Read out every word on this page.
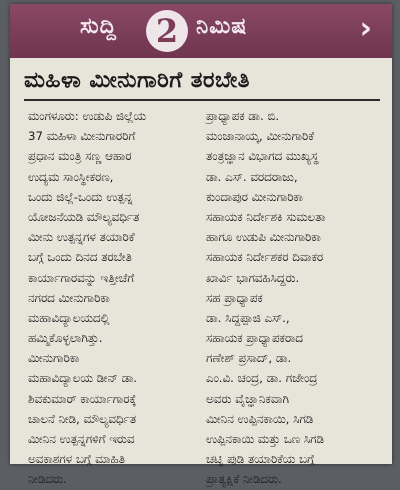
ಸುದ್ದಿ	2 ನಿಮಿಷ	›
ಮಹಿಳಾ ಮೀನುಗಾರಿಗೆ ತರಬೇತಿ
ಮಂಗಳೂರು: ಉಡುಪಿ ಜಿಲ್ಲೆಯ
37 ಮಹಿಳಾ ಮೀನುಗಾರರಿಗೆ
ಪ್ರಧಾನ ಮಂತ್ರಿ ಸಣ್ಣ ಆಹಾರ
ಉದ್ಯಮ ಸಾಂಸ್ಥೀಕರಣ,
ಒಂದು ಜಿಲ್ಲೆ-ಒಂದು ಉತ್ಪನ್ನ
ಯೋಜನೆಯಡಿ ಮೌಲ್ಯವರ್ಧಿತ
ಮೀನು ಉತ್ಪನ್ನಗಳ ತಯಾರಿಕೆ
ಬಗ್ಗೆ ಒಂದು ದಿನದ ತರಬೇತಿ
ಕಾರ್ಯಾಗಾರವನ್ನು ಇತ್ತೀಚೆಗೆ
ನಗರದ ಮೀನುಗಾರಿಕಾ
ಮಹಾವಿದ್ಯಾಲಯದಲ್ಲಿ
ಹಮ್ಮಿಕೊಳ್ಳಲಾಗಿತ್ತು.
ಮೀನುಗಾರಿಕಾ
ಮಹಾವಿದ್ಯಾಲಯ ಡೀನ್ ಡಾ.
ಶಿವಕುಮಾರ್ ಕಾರ್ಯಾಗಾರಕ್ಕೆ
ಚಾಲನೆ ನೀಡಿ, ಮೌಲ್ಯವರ್ಧಿತ
ಮೀನಿನ ಉತ್ಪನ್ನಗಳಿಗೆ ಇರುವ
ಅವಕಾಶಗಳ ಬಗ್ಗೆ ಮಾಹಿತಿ
ನೀಡಿದರು.
ಪ್ರಾಧ್ಯಾಪಕ ಡಾ. ಬಿ.
ಮಂಜಾನಾಯ್ಕ, ಮೀನುಗಾರಿಕೆ
ತಂತ್ರಜ್ಞಾನ ವಿಭಾಗದ ಮುಖ್ಯಸ್ಥ
ಡಾ. ಎಸ್. ವರದರಾಜು,
ಕುಂದಾಪುರ ಮೀನುಗಾರಿಕಾ
ಸಹಾಯಕ ನಿರ್ದೇಶಕಿ ಸುಮಲತಾ
ಹಾಗೂ ಉಡುಪಿ ಮೀನುಗಾರಿಕಾ
ಸಹಾಯಕ ನಿರ್ದೇಶಕರ ದಿವಾಕರ
ಖಾರ್ವಿ ಭಾಗವಹಿಸಿದ್ದರು.
ಸಹ ಪ್ರಾಧ್ಯಾಪಕ
ಡಾ. ಸಿದ್ದಪ್ಪಾಜಿ ಎಸ್.,
ಸಹಾಯಕ ಪ್ರಾಧ್ಯಾಪಕರಾದ
ಗಣೇಶ್ ಪ್ರಸಾದ್, ಡಾ.
ಎಂ.ವಿ. ಚಂದ್ರ, ಡಾ. ಗಜೇಂದ್ರ
ಅವರು ವೈಜ್ಞಾನಿಕವಾಗಿ
ಮೀನಿನ ಉಪ್ಪಿನಕಾಯಿ, ಸಿಗಡಿ
ಉಪ್ಪಿನಕಾಯಿ ಮತ್ತು ಒಣ ಸಿಗಡಿ
ಚಟ್ನಿ ಪುಡಿ ತಯಾರಿಕೆಯ ಬಗ್ಗೆ
ಪ್ರಾತ್ಯಕ್ಷಿಕೆ ನೀಡಿದರು.
